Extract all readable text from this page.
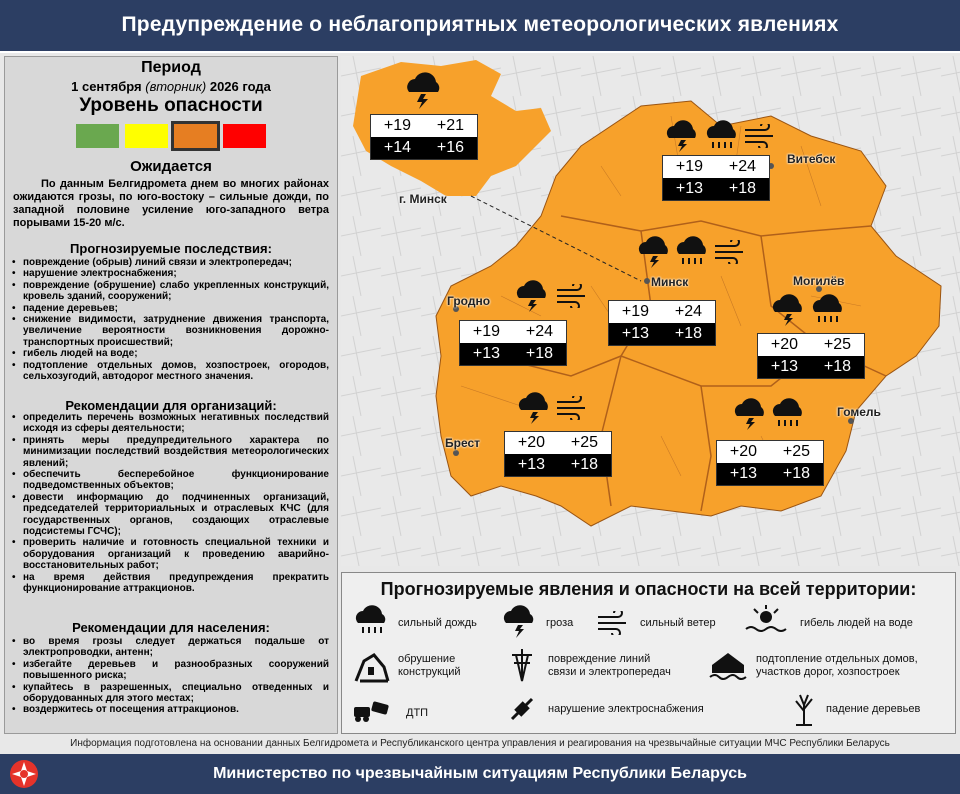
Предупреждение о неблагоприятных метеорологических явлениях
Период
1 сентября (вторник) 2026 года
Уровень опасности
Ожидается
По данным Белгидромета днем во многих районах ожидаются грозы, по юго-востоку – сильные дожди, по западной половине усиление юго-западного ветра порывами 15-20 м/с.
Прогнозируемые последствия:
• повреждение (обрыв) линий связи и электропередач;
• нарушение электроснабжения;
• повреждение (обрушение) слабо укрепленных конструкций, кровель зданий, сооружений;
• падение деревьев;
• снижение видимости, затруднение движения транспорта, увеличение вероятности возникновения дорожно-транспортных происшествий;
• гибель людей на воде;
• подтопление отдельных домов, хозпостроек, огородов, сельхозугодий, автодорог местного значения.
Рекомендации для организаций:
• определить перечень возможных негативных последствий исходя из сферы деятельности;
• принять меры предупредительного характера по минимизации последствий воздействия метеорологических явлений;
• обеспечить бесперебойное функционирование подведомственных объектов;
• довести информацию до подчиненных организаций, председателей территориальных и отраслевых КЧС (для государственных органов, создающих отраслевые подсистемы ГСЧС);
• проверить наличие и готовность специальной техники и оборудования организаций к проведению аварийно-восстановительных работ;
• на время действия предупреждения прекратить функционирование аттракционов.
Рекомендации для населения:
• во время грозы следует держаться подальше от электропроводки, антенн;
• избегайте деревьев и разнообразных сооружений повышенного риска;
• купайтесь в разрешенных, специально отведенных и оборудованных для этого местах;
• воздержитесь от посещения аттракционов.
г. Минск
Витебск
Минск
Гродно
Могилёв
Брест
Гомель
+19 +21
+14 +16
+19 +24
+13 +18
+19 +24
+13 +18
+19 +24
+13 +18
+20 +25
+13 +18
+20 +25
+13 +18
+20 +25
+13 +18
Прогнозируемые явления и опасности на всей территории:
сильный дождь	гроза	сильный ветер	гибель людей на воде
обрушение
конструкций
повреждение линий
связи и электропередач
подтопление отдельных домов,
участков дорог, хозпостроек
ДТП	нарушение электроснабжения	падение деревьев
Информация подготовлена на основании данных Белгидромета и Республиканского центра управления и реагирования на чрезвычайные ситуации МЧС Республики Беларусь
Министерство по чрезвычайным ситуациям Республики Беларусь
